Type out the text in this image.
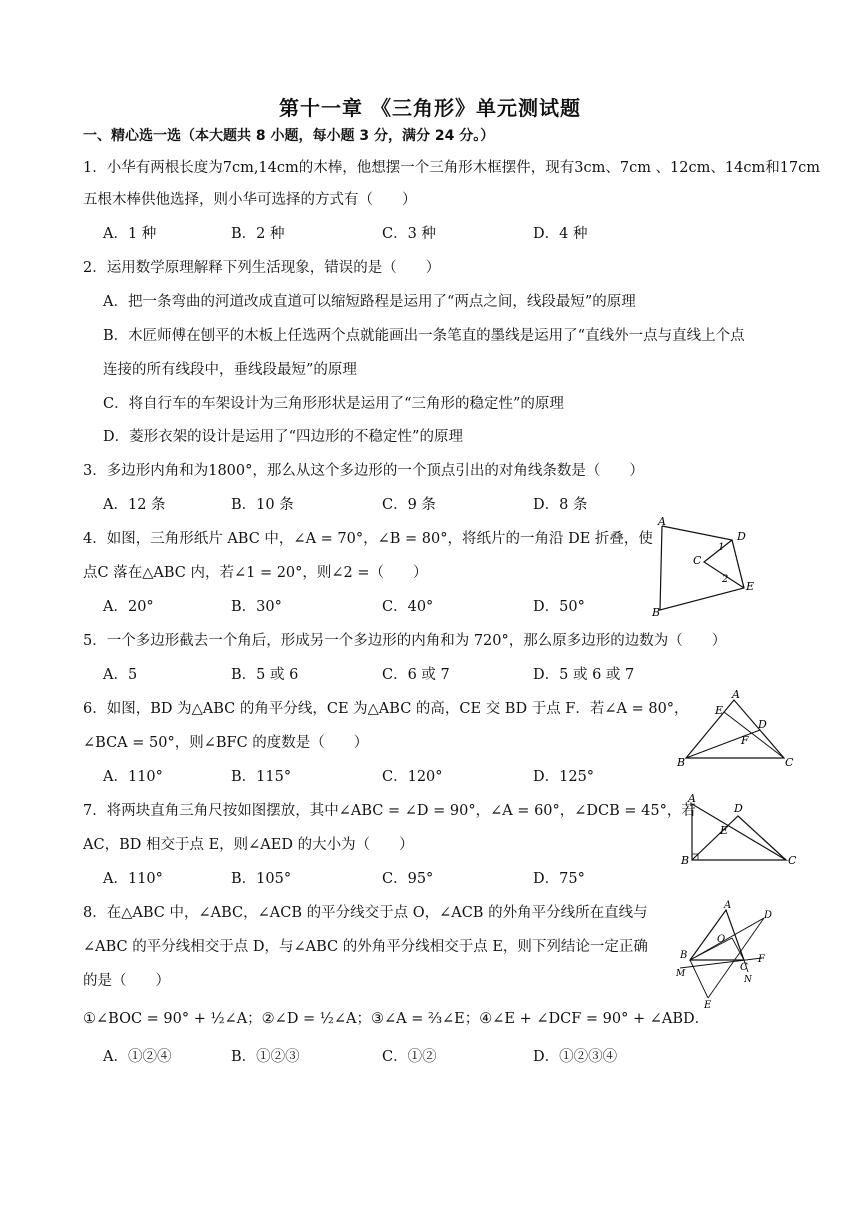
第十一章 《三角形》单元测试题
一、精心选一选（本大题共 8 小题，每小题 3 分，满分 24 分。）
1．小华有两根长度为7cm,14cm的木棒，他想摆一个三角形木框摆件，现有3cm、7cm 、12cm、14cm和17cm
五根木棒供他选择，则小华可选择的方式有（　　）
A．1 种	B．2 种	C．3 种	D．4 种
2．运用数学原理解释下列生活现象，错误的是（　　）
A．把一条弯曲的河道改成直道可以缩短路程是运用了“两点之间，线段最短”的原理
B．木匠师傅在刨平的木板上任选两个点就能画出一条笔直的墨线是运用了“直线外一点与直线上个点
连接的所有线段中，垂线段最短”的原理
C．将自行车的车架设计为三角形形状是运用了“三角形的稳定性”的原理
D．菱形衣架的设计是运用了“四边形的不稳定性”的原理
3．多边形内角和为1800°，那么从这个多边形的一个顶点引出的对角线条数是（　　）
A．12 条	B．10 条	C．9 条	D．8 条
4．如图，三角形纸片 ABC 中，∠A = 70°，∠B = 80°，将纸片的一角沿 DE 折叠，使
点C 落在△ABC 内，若∠1 = 20°，则∠2 =（　　）
A．20°	B．30°	C．40°	D．50°
A
D
C
1
2
E
B
5．一个多边形截去一个角后，形成另一个多边形的内角和为 720°，那么原多边形的边数为（　　）
A．5	B．5 或 6	C．6 或 7	D．5 或 6 或 7
6．如图，BD 为△ABC 的角平分线，CE 为△ABC 的高，CE 交 BD 于点 F．若∠A = 80°，
∠BCA = 50°，则∠BFC 的度数是（　　）
A．110°	B．115°	C．120°	D．125°
A
E
D
F
B	C
7．将两块直角三角尺按如图摆放，其中∠ABC = ∠D = 90°，∠A = 60°，∠DCB = 45°，若
AC，BD 相交于点 E，则∠AED 的大小为（　　）
A．110°	B．105°	C．95°	D．75°
A
D
E
B	C
8．在△ABC 中，∠ABC，∠ACB 的平分线交于点 O，∠ACB 的外角平分线所在直线与
∠ABC 的平分线相交于点 D，与∠ABC 的外角平分线相交于点 E，则下列结论一定正确
的是（　　）
①∠BOC = 90° + ½∠A；②∠D = ½∠A；③∠A = ⅔∠E；④∠E + ∠DCF = 90° + ∠ABD．
A．①②④	B．①②③	C．①②	D．①②③④
A
D
O
B
C
F
M
N
E
